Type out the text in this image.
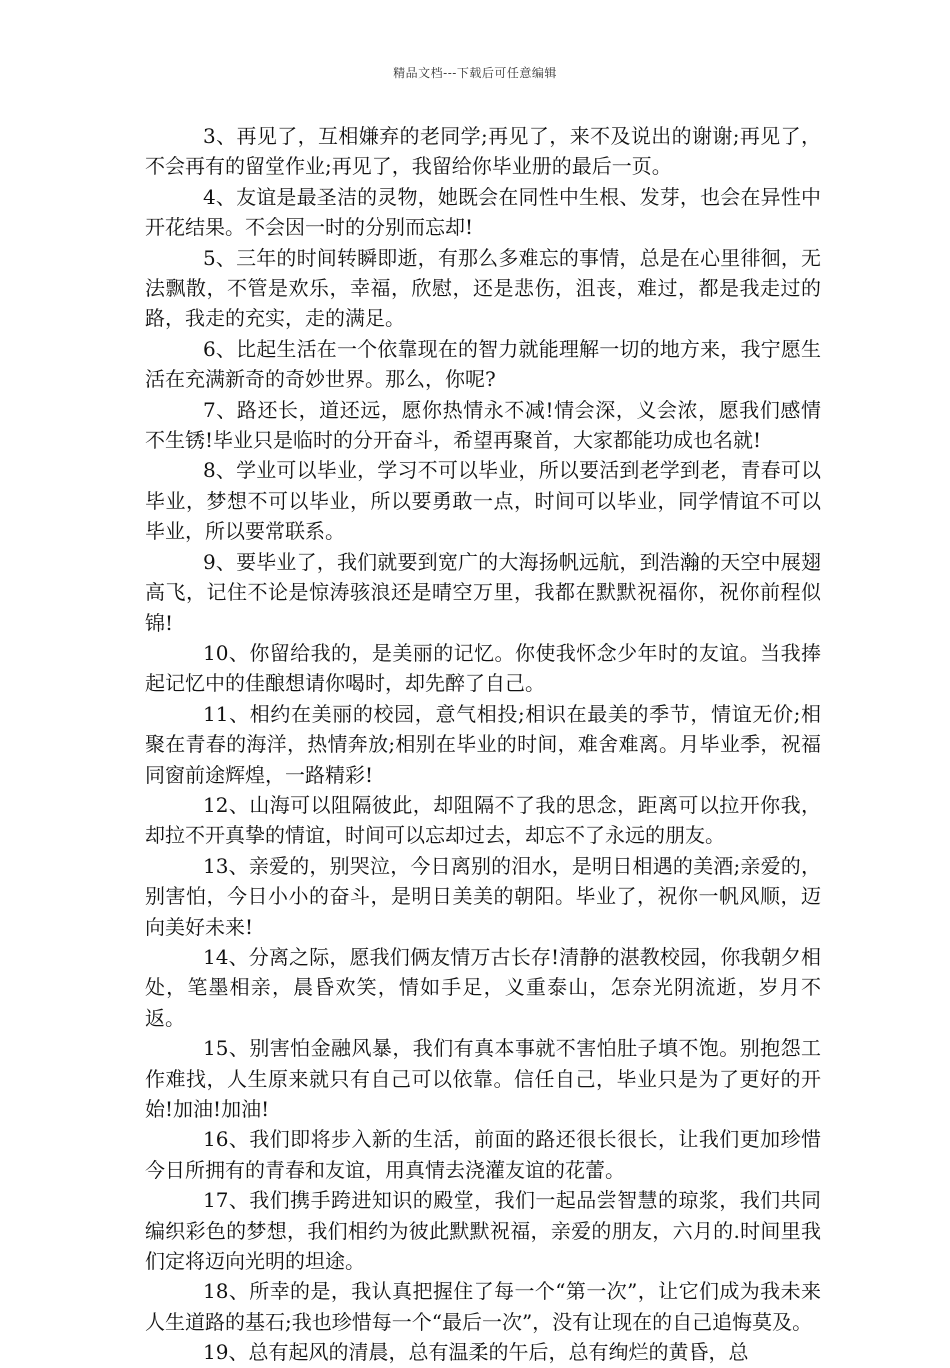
精品文档---下载后可任意编辑

3、再见了，互相嫌弃的老同学;再见了，来不及说出的谢谢;再见了，不会再有的留堂作业;再见了，我留给你毕业册的最后一页。

4、友谊是最圣洁的灵物，她既会在同性中生根、发芽，也会在异性中开花结果。不会因一时的分别而忘却!

5、三年的时间转瞬即逝，有那么多难忘的事情，总是在心里徘徊，无法飘散，不管是欢乐，幸福，欣慰，还是悲伤，沮丧，难过，都是我走过的路，我走的充实，走的满足。

6、比起生活在一个依靠现在的智力就能理解一切的地方来，我宁愿生活在充满新奇的奇妙世界。那么，你呢?

7、路还长，道还远，愿你热情永不减!情会深，义会浓，愿我们感情不生锈!毕业只是临时的分开奋斗，希望再聚首，大家都能功成也名就!

8、学业可以毕业，学习不可以毕业，所以要活到老学到老，青春可以毕业，梦想不可以毕业，所以要勇敢一点，时间可以毕业，同学情谊不可以毕业，所以要常联系。

9、要毕业了，我们就要到宽广的大海扬帆远航，到浩瀚的天空中展翅高飞，记住不论是惊涛骇浪还是晴空万里，我都在默默祝福你，祝你前程似锦!

10、你留给我的，是美丽的记忆。你使我怀念少年时的友谊。当我捧起记忆中的佳酿想请你喝时，却先醉了自己。

11、相约在美丽的校园，意气相投;相识在最美的季节，情谊无价;相聚在青春的海洋，热情奔放;相别在毕业的时间，难舍难离。月毕业季，祝福同窗前途辉煌，一路精彩!

12、山海可以阻隔彼此，却阻隔不了我的思念，距离可以拉开你我，却拉不开真挚的情谊，时间可以忘却过去，却忘不了永远的朋友。

13、亲爱的，别哭泣，今日离别的泪水，是明日相遇的美酒;亲爱的，别害怕，今日小小的奋斗，是明日美美的朝阳。毕业了，祝你一帆风顺，迈向美好未来!

14、分离之际，愿我们俩友情万古长存!清静的湛教校园，你我朝夕相处，笔墨相亲，晨昏欢笑，情如手足，义重泰山，怎奈光阴流逝，岁月不返。

15、别害怕金融风暴，我们有真本事就不害怕肚子填不饱。别抱怨工作难找，人生原来就只有自己可以依靠。信任自己，毕业只是为了更好的开始!加油!加油!

16、我们即将步入新的生活，前面的路还很长很长，让我们更加珍惜今日所拥有的青春和友谊，用真情去浇灌友谊的花蕾。

17、我们携手跨进知识的殿堂，我们一起品尝智慧的琼浆，我们共同编织彩色的梦想，我们相约为彼此默默祝福，亲爱的朋友，六月的.时间里我们定将迈向光明的坦途。

18、所幸的是，我认真把握住了每一个“第一次”，让它们成为我未来人生道路的基石;我也珍惜每一个“最后一次”，没有让现在的自己追悔莫及。

19、总有起风的清晨，总有温柔的午后，总有绚烂的黄昏，总
